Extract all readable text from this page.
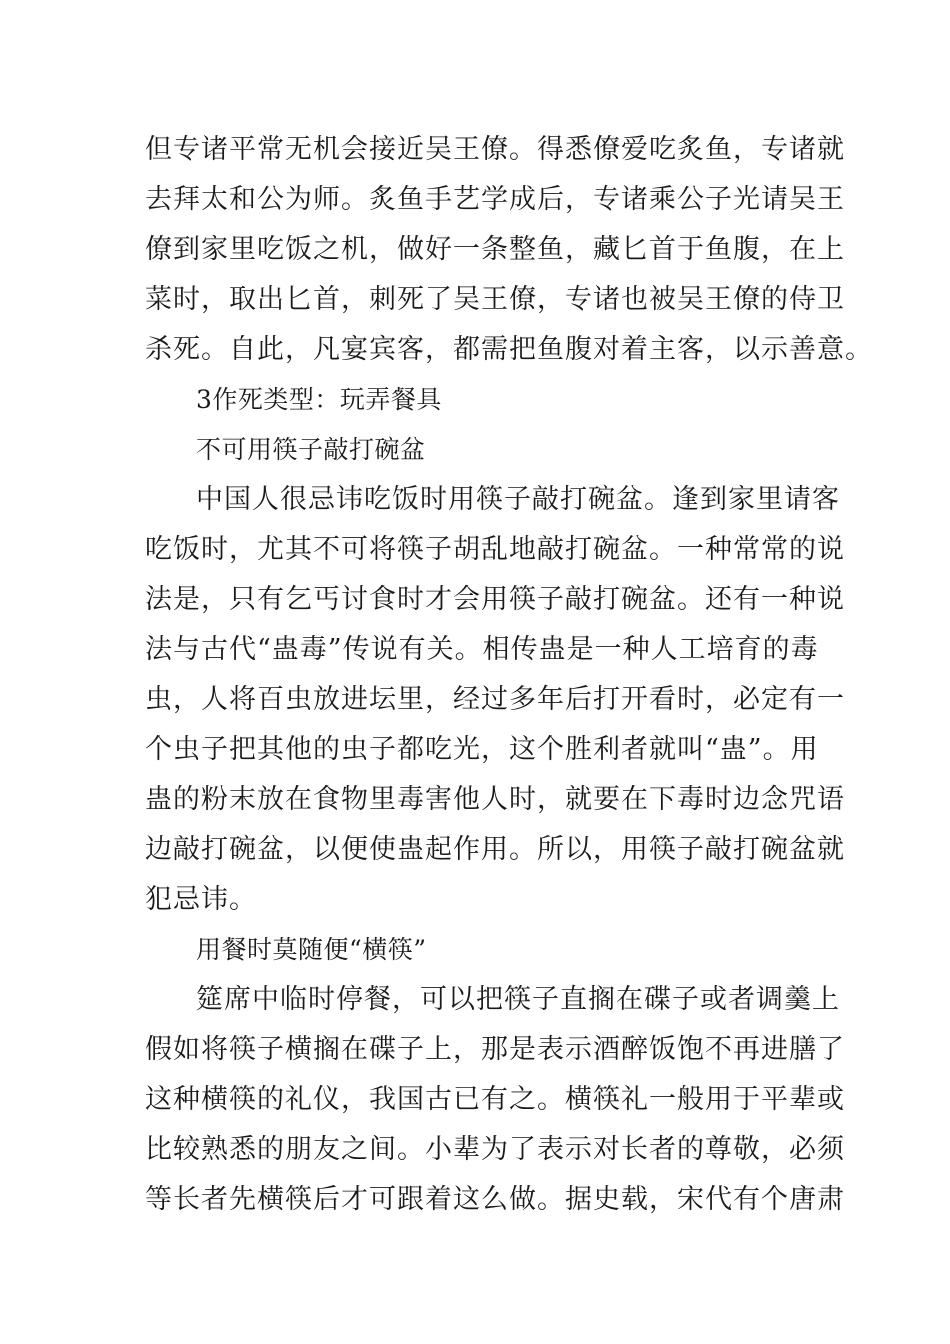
但专诸平常无机会接近吴王僚。得悉僚爱吃炙鱼，专诸就
去拜太和公为师。炙鱼手艺学成后，专诸乘公子光请吴王
僚到家里吃饭之机，做好一条整鱼，藏匕首于鱼腹，在上
菜时，取出匕首，刺死了吴王僚，专诸也被吴王僚的侍卫
杀死。自此，凡宴宾客，都需把鱼腹对着主客，以示善意。
3作死类型：玩弄餐具
不可用筷子敲打碗盆
中国人很忌讳吃饭时用筷子敲打碗盆。逢到家里请客
吃饭时，尤其不可将筷子胡乱地敲打碗盆。一种常常的说
法是，只有乞丐讨食时才会用筷子敲打碗盆。还有一种说
法与古代“蛊毒”传说有关。相传蛊是一种人工培育的毒
虫，人将百虫放进坛里，经过多年后打开看时，必定有一
个虫子把其他的虫子都吃光，这个胜利者就叫“蛊”。用
蛊的粉末放在食物里毒害他人时，就要在下毒时边念咒语
边敲打碗盆，以便使蛊起作用。所以，用筷子敲打碗盆就
犯忌讳。
用餐时莫随便“横筷”
筵席中临时停餐，可以把筷子直搁在碟子或者调羹上
假如将筷子横搁在碟子上，那是表示酒醉饭饱不再进膳了
这种横筷的礼仪，我国古已有之。横筷礼一般用于平辈或
比较熟悉的朋友之间。小辈为了表示对长者的尊敬，必须
等长者先横筷后才可跟着这么做。据史载，宋代有个唐肃
